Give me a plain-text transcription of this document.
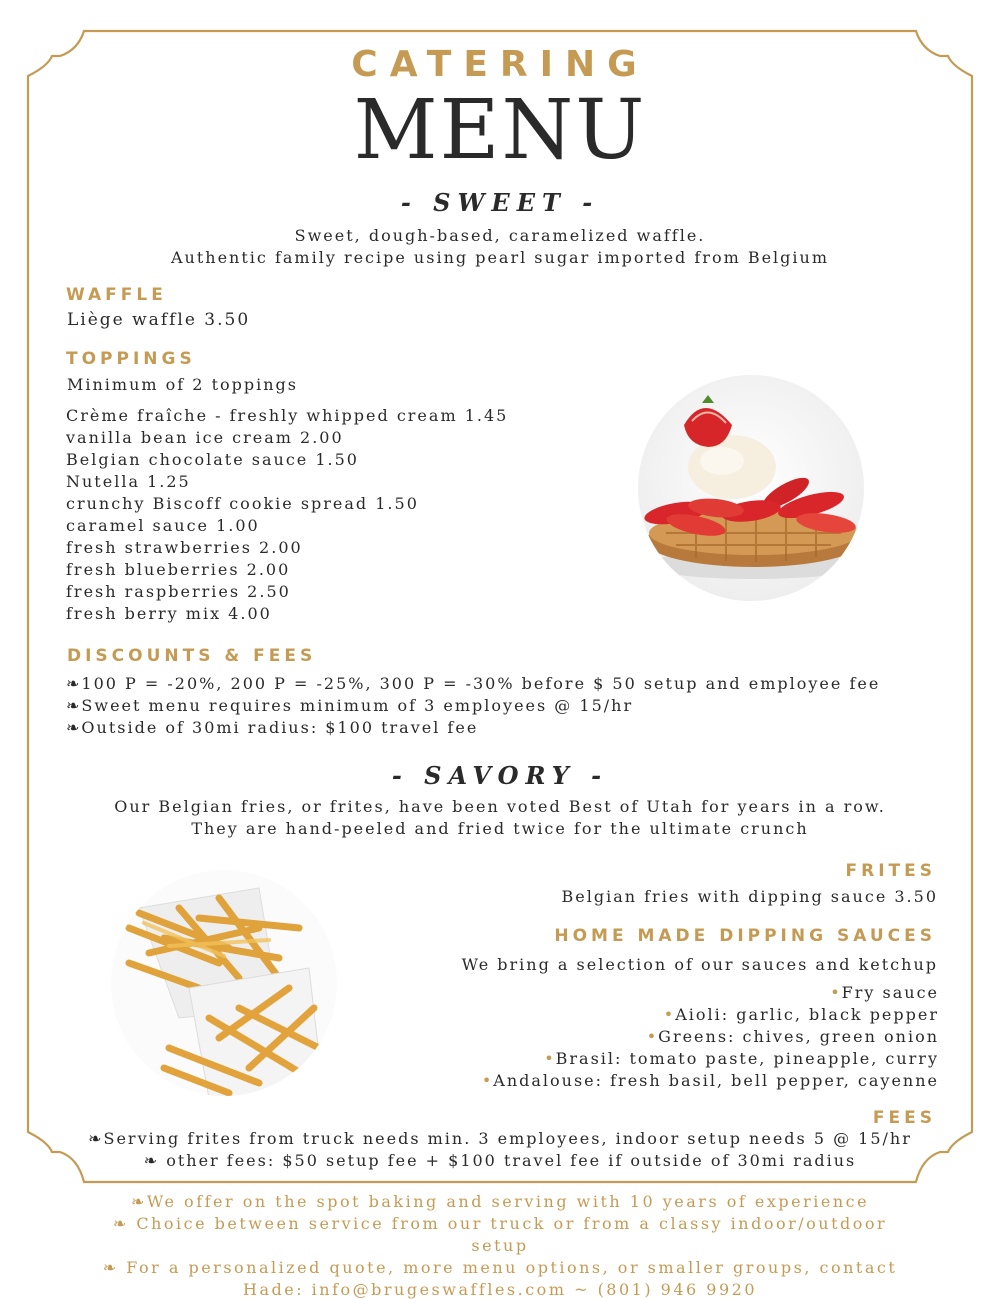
CATERING
MENU
- SWEET -
Sweet, dough-based, caramelized waffle.
Authentic family recipe using pearl sugar imported from Belgium
WAFFLE
Liège waffle 3.50
TOPPINGS
Minimum of 2 toppings
Crème fraîche - freshly whipped cream 1.45
vanilla bean ice cream 2.00
Belgian chocolate sauce 1.50
Nutella 1.25
crunchy Biscoff cookie spread 1.50
caramel sauce 1.00
fresh strawberries 2.00
fresh blueberries 2.00
fresh raspberries 2.50
fresh berry mix 4.00
DISCOUNTS & FEES
❧100 P = -20%, 200 P = -25%, 300 P = -30% before $ 50 setup and employee fee
❧Sweet menu requires minimum of 3 employees @ 15/hr
❧Outside of 30mi radius: $100 travel fee
- SAVORY -
Our Belgian fries, or frites, have been voted Best of Utah for years in a row.
They are hand-peeled and fried twice for the ultimate crunch
FRITES
Belgian fries with dipping sauce 3.50
HOME MADE DIPPING SAUCES
We bring a selection of our sauces and ketchup
•Fry sauce
•Aioli: garlic, black pepper
•Greens: chives, green onion
•Brasil: tomato paste, pineapple, curry
•Andalouse: fresh basil, bell pepper, cayenne
FEES
❧Serving frites from truck needs min. 3 employees, indoor setup needs 5 @ 15/hr
❧ other fees: $50 setup fee + $100 travel fee if outside of 30mi radius
❧We offer on the spot baking and serving with 10 years of experience
❧ Choice between service from our truck or from a classy indoor/outdoor
setup
❧ For a personalized quote, more menu options, or smaller groups, contact
Hade: info@brugeswaffles.com ~ (801) 946 9920
